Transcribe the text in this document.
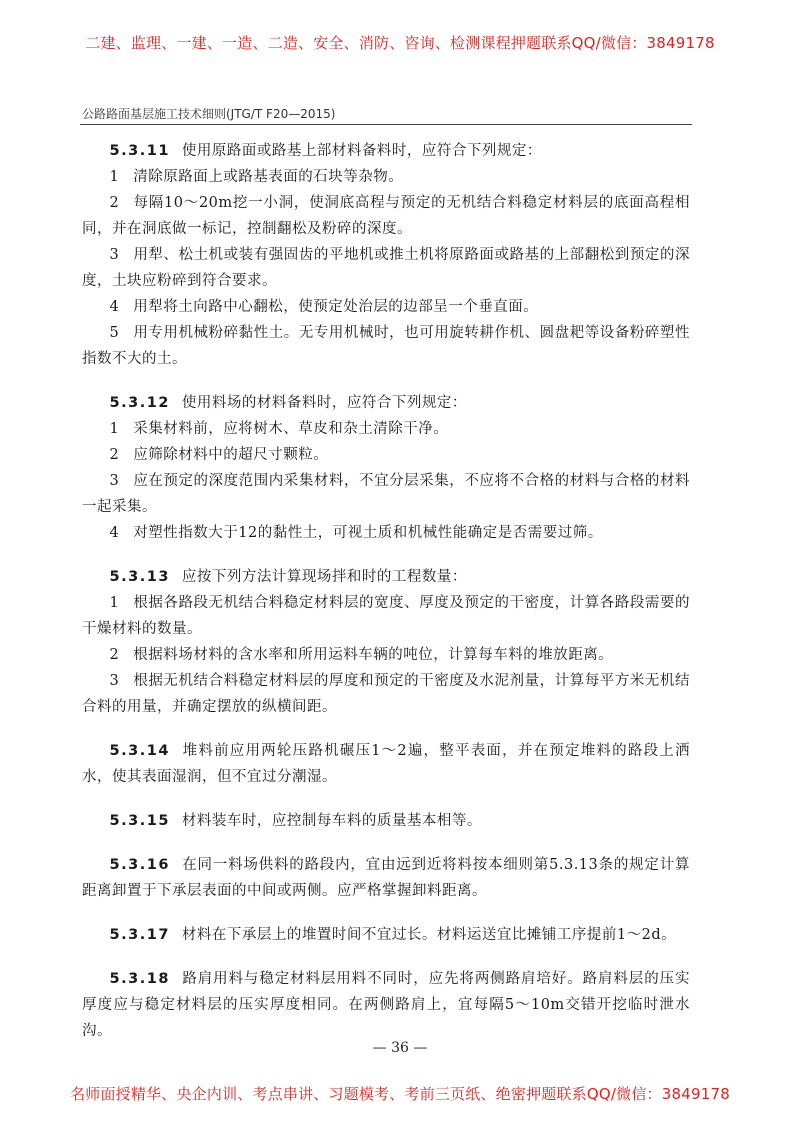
二建、监理、一建、一造、二造、安全、消防、咨询、检测课程押题联系QQ/微信：3849178
公路路面基层施工技术细则(JTG/T F20—2015)

5.3.11 使用原路面或路基上部材料备料时，应符合下列规定：

1 清除原路面上或路基表面的石块等杂物。

2 每隔10～20m挖一小洞，使洞底高程与预定的无机结合料稳定材料层的底面高程相同，并在洞底做一标记，控制翻松及粉碎的深度。

3 用犁、松土机或装有强固齿的平地机或推土机将原路面或路基的上部翻松到预定的深度，土块应粉碎到符合要求。

4 用犁将土向路中心翻松，使预定处治层的边部呈一个垂直面。

5 用专用机械粉碎黏性土。无专用机械时，也可用旋转耕作机、圆盘耙等设备粉碎塑性指数不大的土。

5.3.12 使用料场的材料备料时，应符合下列规定：

1 采集材料前，应将树木、草皮和杂土清除干净。

2 应筛除材料中的超尺寸颗粒。

3 应在预定的深度范围内采集材料，不宜分层采集，不应将不合格的材料与合格的材料一起采集。

4 对塑性指数大于12的黏性土，可视土质和机械性能确定是否需要过筛。

5.3.13 应按下列方法计算现场拌和时的工程数量：

1 根据各路段无机结合料稳定材料层的宽度、厚度及预定的干密度，计算各路段需要的干燥材料的数量。

2 根据料场材料的含水率和所用运料车辆的吨位，计算每车料的堆放距离。

3 根据无机结合料稳定材料层的厚度和预定的干密度及水泥剂量，计算每平方米无机结合料的用量，并确定摆放的纵横间距。

5.3.14 堆料前应用两轮压路机碾压1～2遍，整平表面，并在预定堆料的路段上洒水，使其表面湿润，但不宜过分潮湿。

5.3.15 材料装车时，应控制每车料的质量基本相等。

5.3.16 在同一料场供料的路段内，宜由远到近将料按本细则第5.3.13条的规定计算距离卸置于下承层表面的中间或两侧。应严格掌握卸料距离。

5.3.17 材料在下承层上的堆置时间不宜过长。材料运送宜比摊铺工序提前1～2d。

5.3.18 路肩用料与稳定材料层用料不同时，应先将两侧路肩培好。路肩料层的压实厚度应与稳定材料层的压实厚度相同。在两侧路肩上，宜每隔5～10m交错开挖临时泄水沟。

— 36 —
名师面授精华、央企内训、考点串讲、习题模考、考前三页纸、绝密押题联系QQ/微信：3849178
